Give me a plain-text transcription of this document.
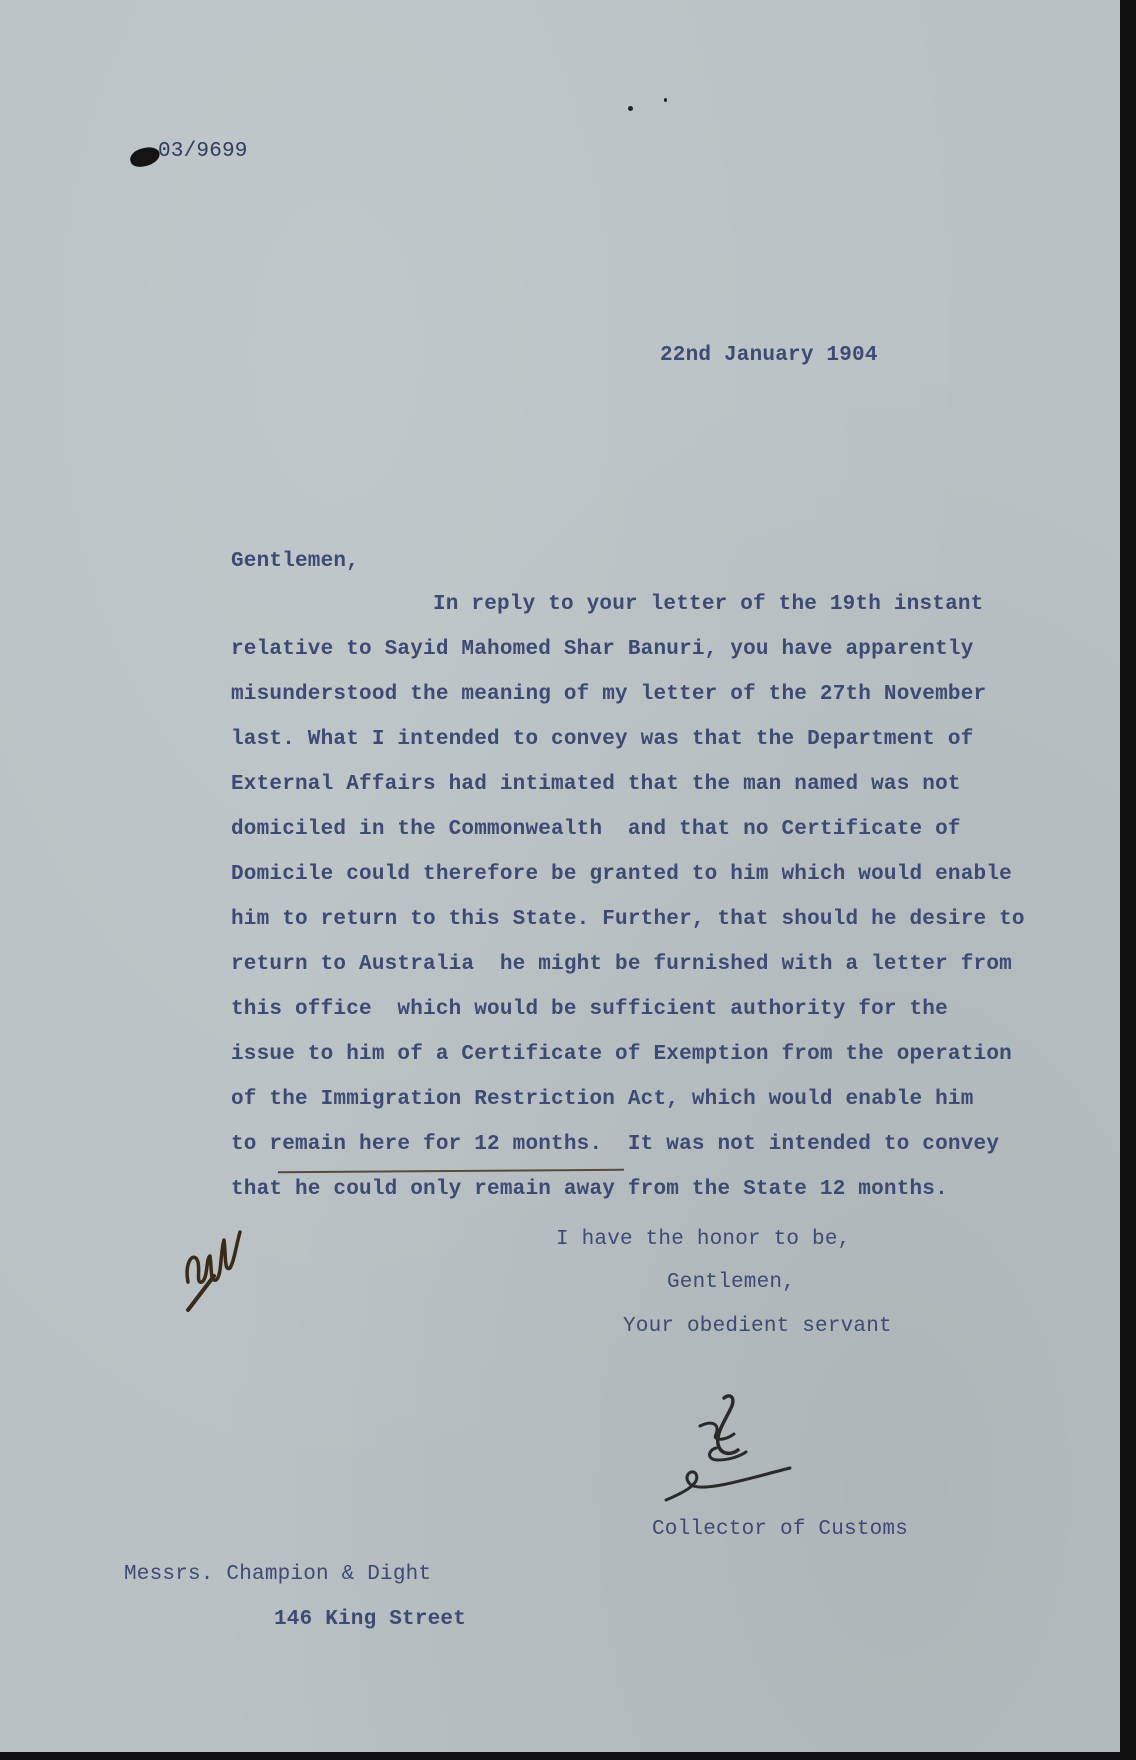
03/9699
22nd January 1904
Gentlemen,
In reply to your letter of the 19th instant
relative to Sayid Mahomed Shar Banuri, you have apparently
misunderstood the meaning of my letter of the 27th November
last. What I intended to convey was that the Department of
External Affairs had intimated that the man named was not
domiciled in the Commonwealth  and that no Certificate of
Domicile could therefore be granted to him which would enable
him to return to this State. Further, that should he desire to
return to Australia  he might be furnished with a letter from
this office  which would be sufficient authority for the
issue to him of a Certificate of Exemption from the operation
of the Immigration Restriction Act, which would enable him
to remain here for 12 months.  It was not intended to convey
that he could only remain away from the State 12 months.
I have the honor to be,
Gentlemen,
Your obedient servant
Collector of Customs
Messrs. Champion & Dight
146 King Street
